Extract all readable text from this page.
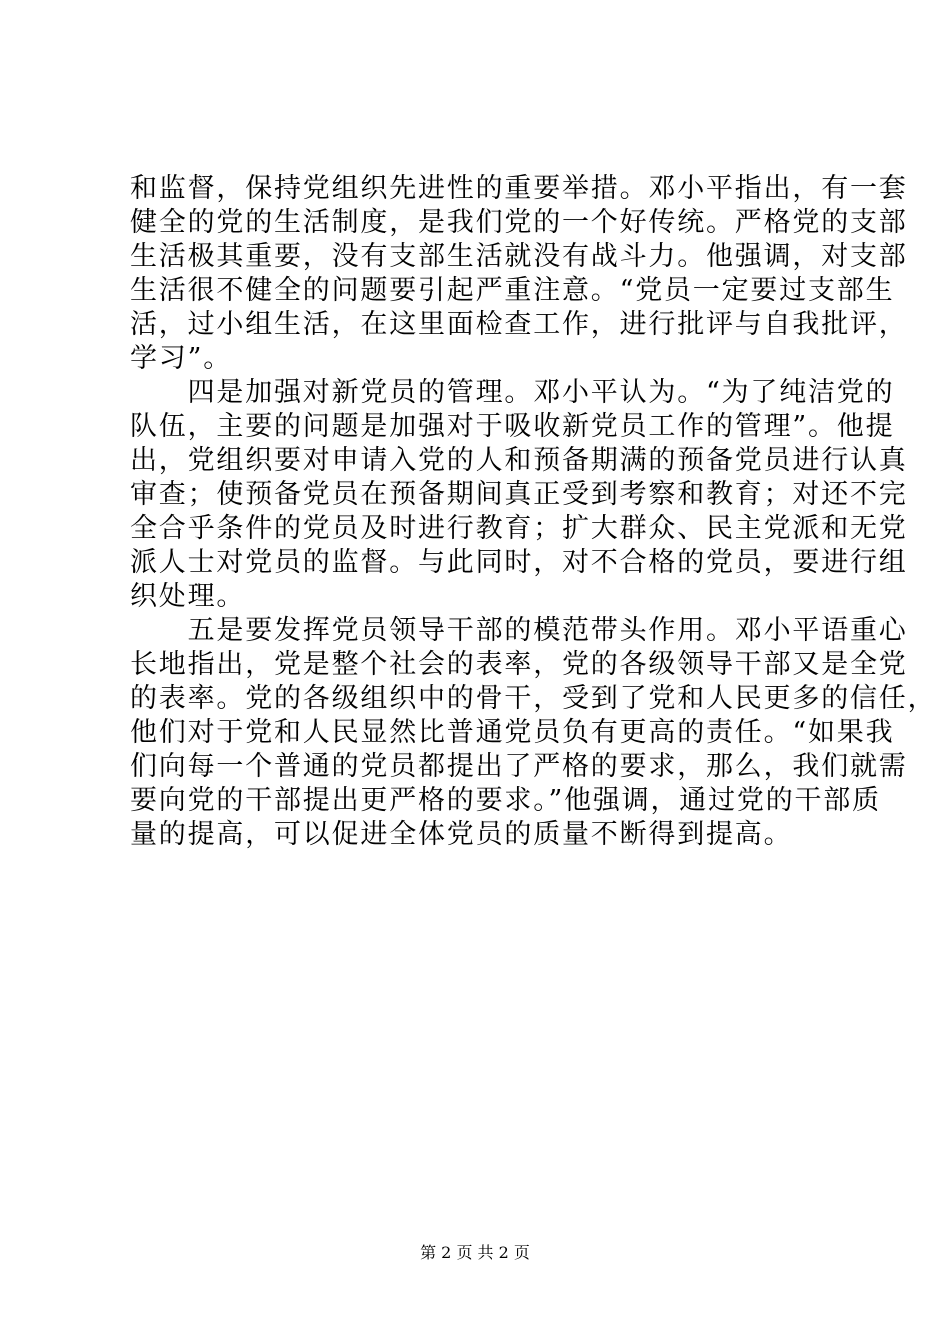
和监督，保持党组织先进性的重要举措。邓小平指出，有一套
健全的党的生活制度，是我们党的一个好传统。严格党的支部
生活极其重要，没有支部生活就没有战斗力。他强调，对支部
生活很不健全的问题要引起严重注意。“党员一定要过支部生
活，过小组生活，在这里面检查工作，进行批评与自我批评，
学习”。
　　四是加强对新党员的管理。邓小平认为。“为了纯洁党的
队伍，主要的问题是加强对于吸收新党员工作的管理”。他提
出，党组织要对申请入党的人和预备期满的预备党员进行认真
审查；使预备党员在预备期间真正受到考察和教育；对还不完
全合乎条件的党员及时进行教育；扩大群众、民主党派和无党
派人士对党员的监督。与此同时，对不合格的党员，要进行组
织处理。
　　五是要发挥党员领导干部的模范带头作用。邓小平语重心
长地指出，党是整个社会的表率，党的各级领导干部又是全党
的表率。党的各级组织中的骨干，受到了党和人民更多的信任，
他们对于党和人民显然比普通党员负有更高的责任。“如果我
们向每一个普通的党员都提出了严格的要求，那么，我们就需
要向党的干部提出更严格的要求。”他强调，通过党的干部质
量的提高，可以促进全体党员的质量不断得到提高。
第 2 页 共 2 页
